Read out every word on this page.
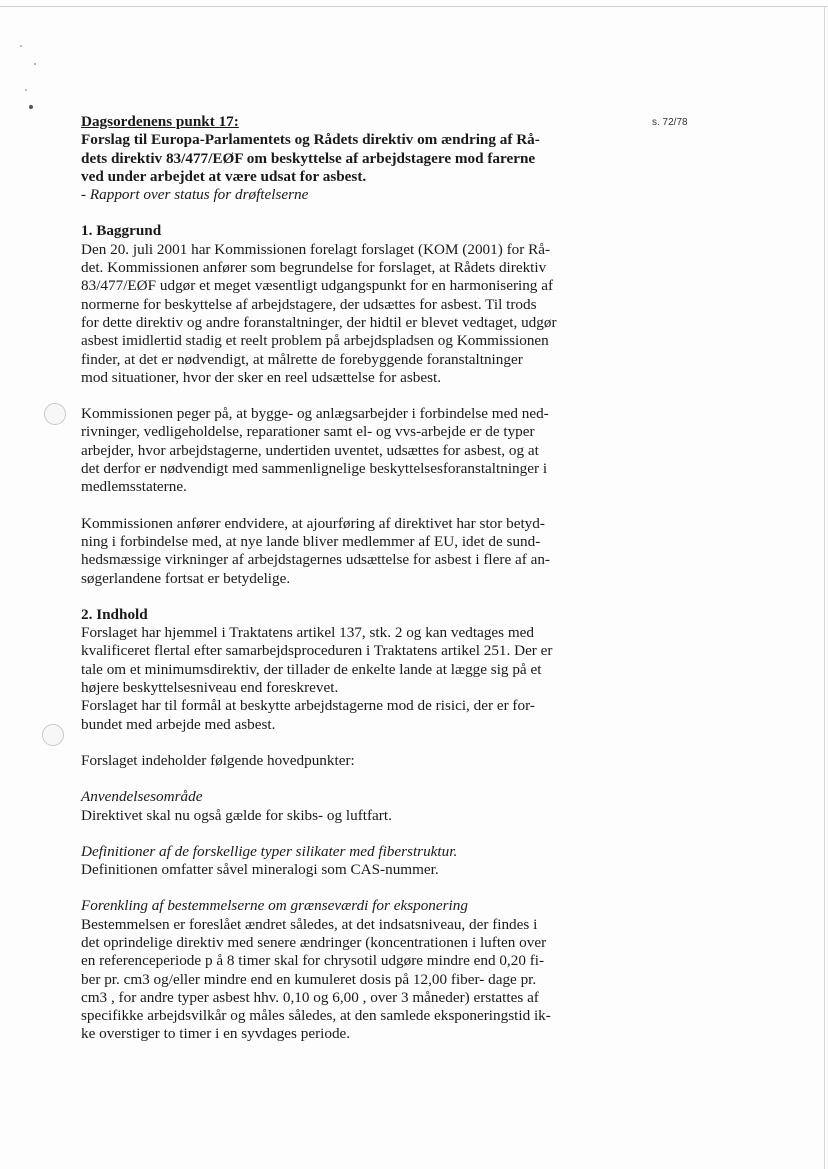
s. 72/78

Dagsordenens punkt 17:

Forslag til Europa-Parlamentets og Rådets direktiv om ændring af Rå-

dets direktiv 83/477/EØF om beskyttelse af arbejdstagere mod farerne

ved under arbejdet at være udsat for asbest.

- Rapport over status for drøftelserne

1. Baggrund

Den 20. juli 2001 har Kommissionen forelagt forslaget (KOM (2001) for Rå-

det. Kommissionen anfører som begrundelse for forslaget, at Rådets direktiv

83/477/EØF udgør et meget væsentligt udgangspunkt for en harmonisering af

normerne for beskyttelse af arbejdstagere, der udsættes for asbest. Til trods

for dette direktiv og andre foranstaltninger, der hidtil er blevet vedtaget, udgør

asbest imidlertid stadig et reelt problem på arbejdspladsen og Kommissionen

finder, at det er nødvendigt, at målrette de forebyggende foranstaltninger

mod situationer, hvor der sker en reel udsættelse for asbest.

Kommissionen peger på, at bygge- og anlægsarbejder i forbindelse med ned-

rivninger, vedligeholdelse, reparationer samt el- og vvs-arbejde er de typer

arbejder, hvor arbejdstagerne, undertiden uventet, udsættes for asbest, og at

det derfor er nødvendigt med sammenlignelige beskyttelsesforanstaltninger i

medlemsstaterne.

Kommissionen anfører endvidere, at ajourføring af direktivet har stor betyd-

ning i forbindelse med, at nye lande bliver medlemmer af EU, idet de sund-

hedsmæssige virkninger af arbejdstagernes udsættelse for asbest i flere af an-

søgerlandene fortsat er betydelige.

2. Indhold

Forslaget har hjemmel i Traktatens artikel 137, stk. 2 og kan vedtages med

kvalificeret flertal efter samarbejdsproceduren i Traktatens artikel 251. Der er

tale om et minimumsdirektiv, der tillader de enkelte lande at lægge sig på et

højere beskyttelsesniveau end foreskrevet.

Forslaget har til formål at beskytte arbejdstagerne mod de risici, der er for-

bundet med arbejde med asbest.

Forslaget indeholder følgende hovedpunkter:

Anvendelsesområde

Direktivet skal nu også gælde for skibs- og luftfart.

Definitioner af de forskellige typer silikater med fiberstruktur.

Definitionen omfatter såvel mineralogi som CAS-nummer.

Forenkling af bestemmelserne om grænseværdi for eksponering

Bestemmelsen er foreslået ændret således, at det indsatsniveau, der findes i

det oprindelige direktiv med senere ændringer (koncentrationen i luften over

en referenceperiode p å 8 timer skal for chrysotil udgøre mindre end 0,20 fi-

ber pr. cm3 og/eller mindre end en kumuleret dosis på 12,00 fiber- dage pr.

cm3 , for andre typer asbest hhv. 0,10 og 6,00 , over 3 måneder) erstattes af

specifikke arbejdsvilkår og måles således, at den samlede eksponeringstid ik-

ke overstiger to timer i en syvdages periode.
